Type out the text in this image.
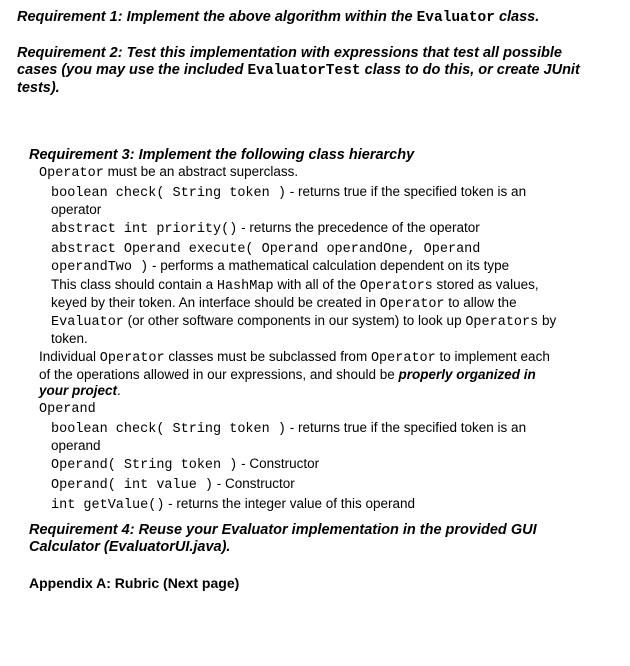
Requirement 1: Implement the above algorithm within the Evaluator class.
Requirement 2: Test this implementation with expressions that test all possible
cases (you may use the included EvaluatorTest class to do this, or create JUnit
tests).
Requirement 3: Implement the following class hierarchy
Operator must be an abstract superclass.
boolean check( String token ) - returns true if the specified token is an
operator
abstract int priority() - returns the precedence of the operator
abstract Operand execute( Operand operandOne, Operand
operandTwo ) - performs a mathematical calculation dependent on its type
This class should contain a HashMap with all of the Operators stored as values,
keyed by their token. An interface should be created in Operator to allow the
Evaluator (or other software components in our system) to look up Operators by
token.
Individual Operator classes must be subclassed from Operator to implement each
of the operations allowed in our expressions, and should be properly organized in
your project.
Operand
boolean check( String token ) - returns true if the specified token is an
operand
Operand( String token ) - Constructor
Operand( int value ) - Constructor
int getValue() - returns the integer value of this operand
Requirement 4: Reuse your Evaluator implementation in the provided GUI
Calculator (EvaluatorUI.java).
Appendix A: Rubric (Next page)
